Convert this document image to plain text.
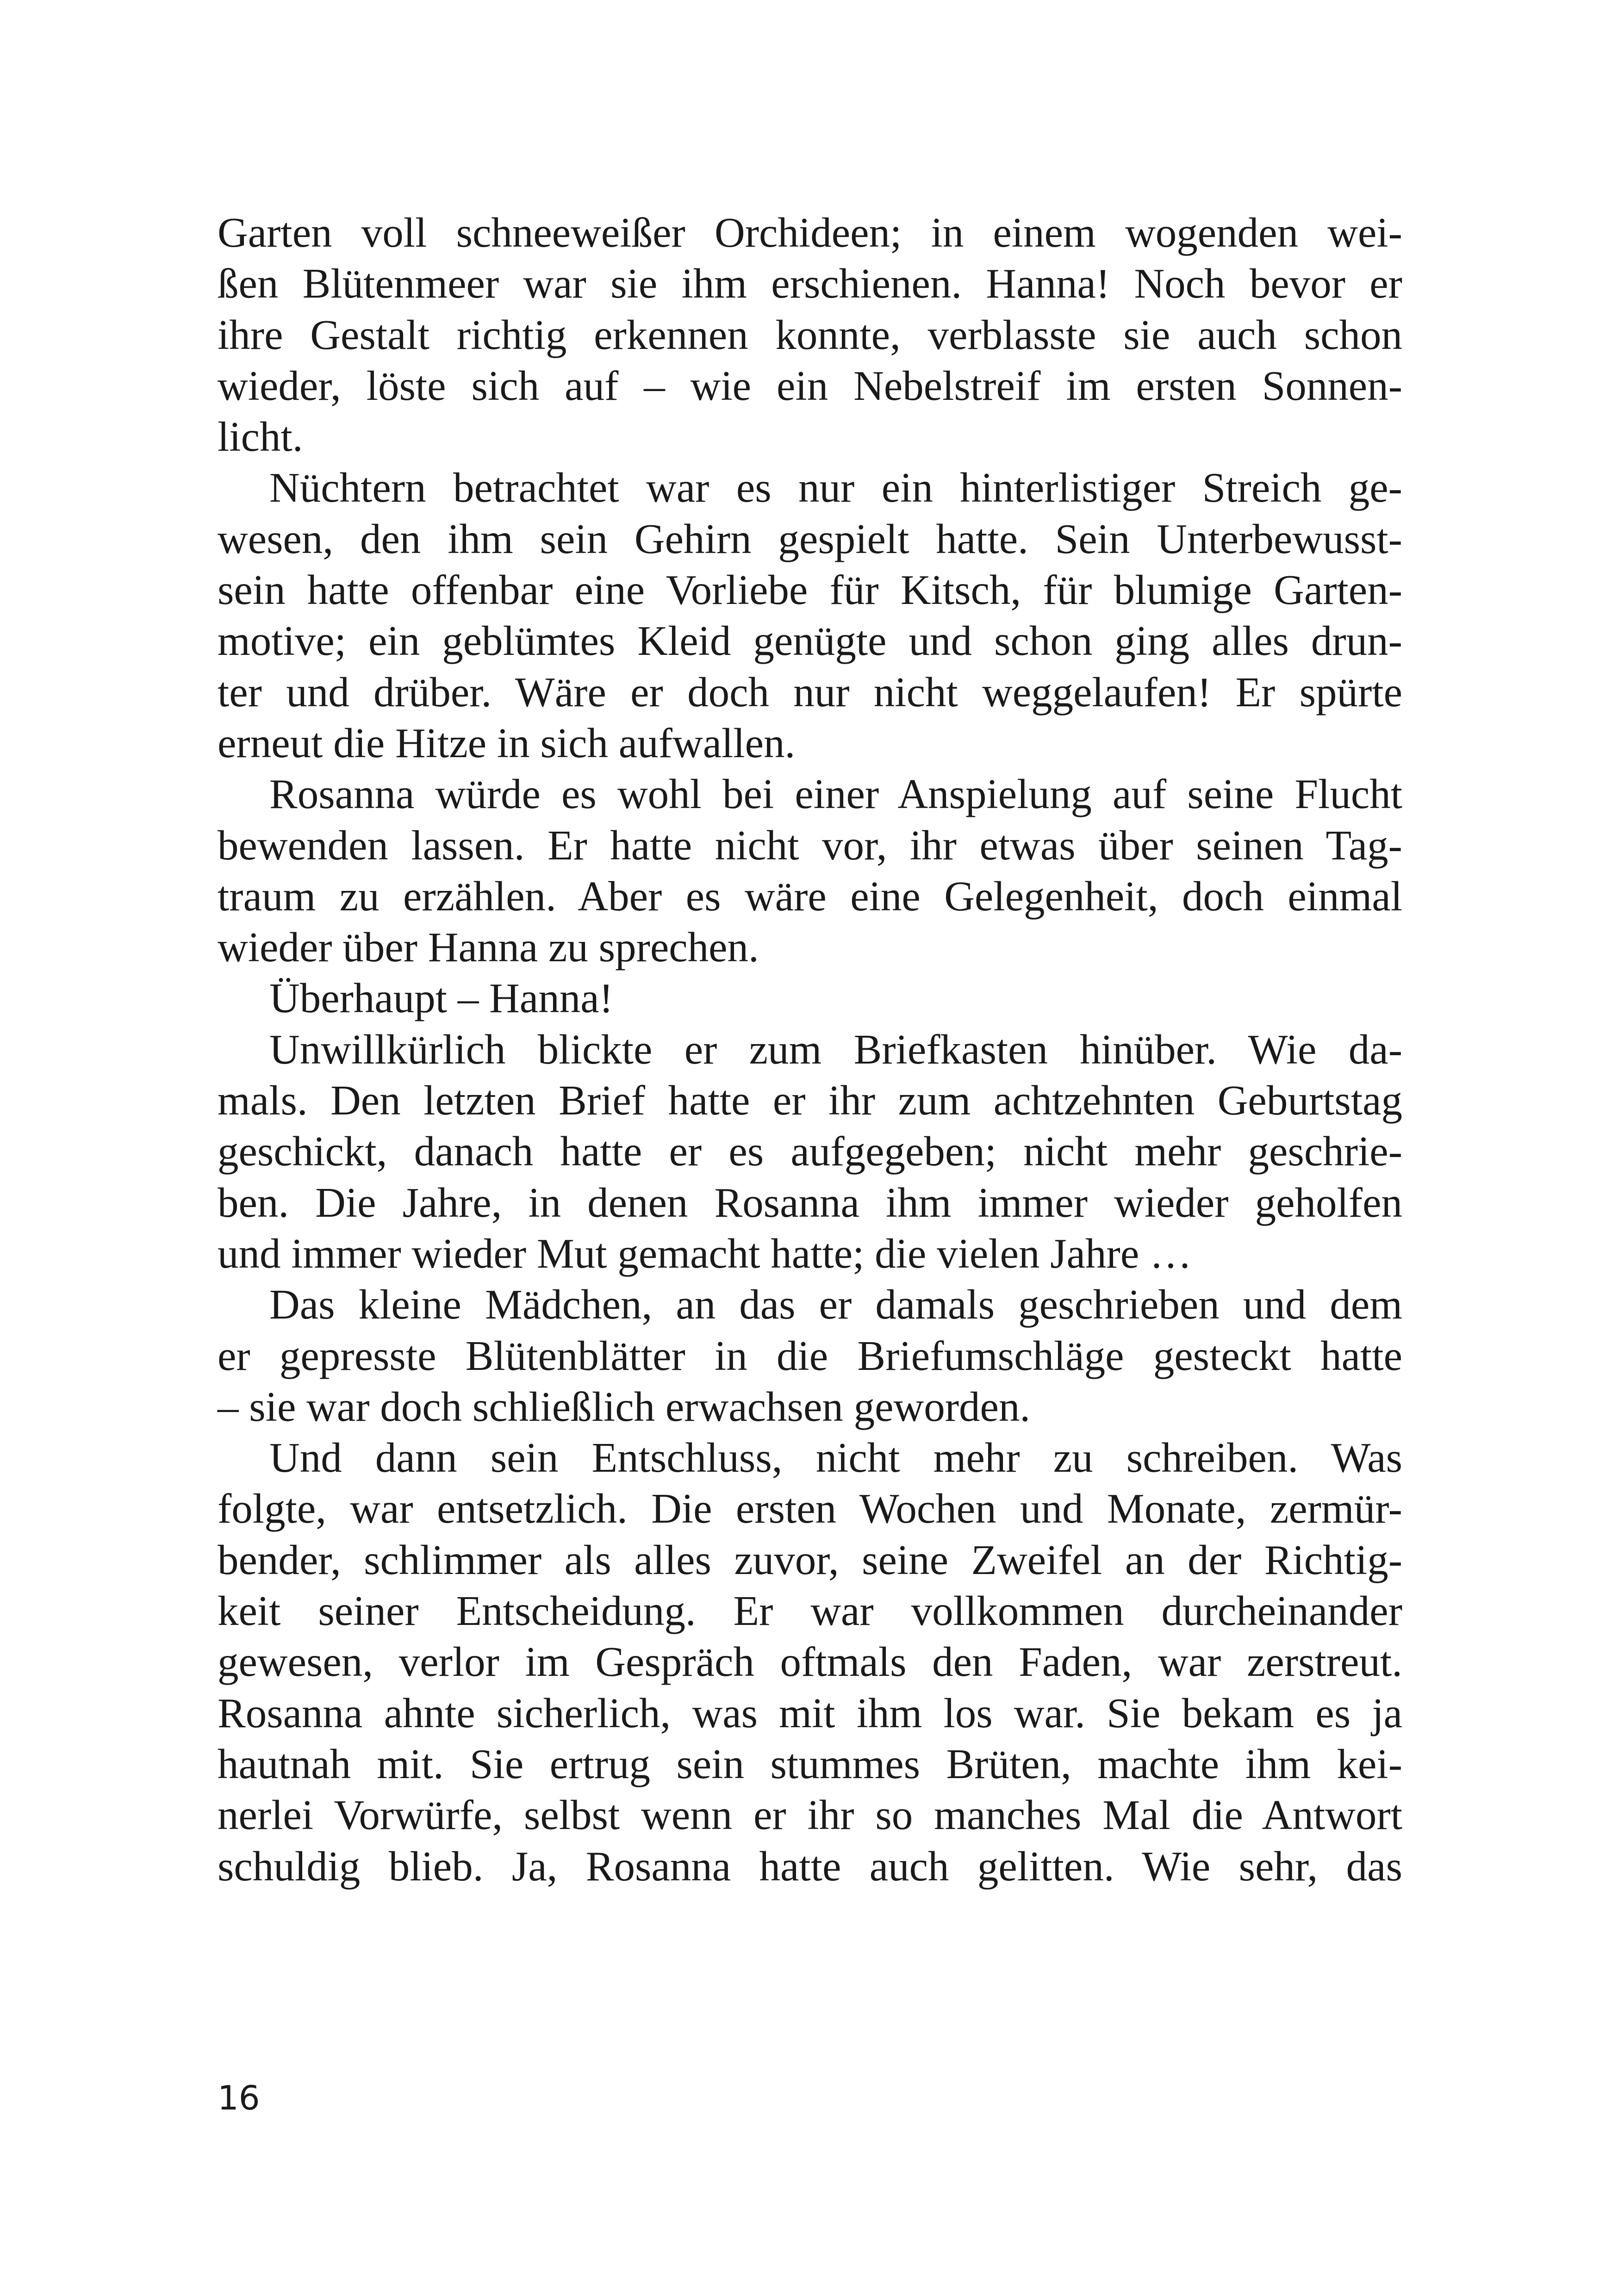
Garten voll schneeweißer Orchideen; in einem wogenden wei-
ßen Blütenmeer war sie ihm erschienen. Hanna! Noch bevor er
ihre Gestalt richtig erkennen konnte, verblasste sie auch schon
wieder, löste sich auf – wie ein Nebelstreif im ersten Sonnen-
licht.
Nüchtern betrachtet war es nur ein hinterlistiger Streich ge-
wesen, den ihm sein Gehirn gespielt hatte. Sein Unterbewusst-
sein hatte offenbar eine Vorliebe für Kitsch, für blumige Garten-
motive; ein geblümtes Kleid genügte und schon ging alles drun-
ter und drüber. Wäre er doch nur nicht weggelaufen! Er spürte
erneut die Hitze in sich aufwallen.
Rosanna würde es wohl bei einer Anspielung auf seine Flucht
bewenden lassen. Er hatte nicht vor, ihr etwas über seinen Tag-
traum zu erzählen. Aber es wäre eine Gelegenheit, doch einmal
wieder über Hanna zu sprechen.
Überhaupt – Hanna!
Unwillkürlich blickte er zum Briefkasten hinüber. Wie da-
mals. Den letzten Brief hatte er ihr zum achtzehnten Geburtstag
geschickt, danach hatte er es aufgegeben; nicht mehr geschrie-
ben. Die Jahre, in denen Rosanna ihm immer wieder geholfen
und immer wieder Mut gemacht hatte; die vielen Jahre …
Das kleine Mädchen, an das er damals geschrieben und dem
er gepresste Blütenblätter in die Briefumschläge gesteckt hatte
– sie war doch schließlich erwachsen geworden.
Und dann sein Entschluss, nicht mehr zu schreiben. Was
folgte, war entsetzlich. Die ersten Wochen und Monate, zermür-
bender, schlimmer als alles zuvor, seine Zweifel an der Richtig-
keit seiner Entscheidung. Er war vollkommen durcheinander
gewesen, verlor im Gespräch oftmals den Faden, war zerstreut.
Rosanna ahnte sicherlich, was mit ihm los war. Sie bekam es ja
hautnah mit. Sie ertrug sein stummes Brüten, machte ihm kei-
nerlei Vorwürfe, selbst wenn er ihr so manches Mal die Antwort
schuldig blieb. Ja, Rosanna hatte auch gelitten. Wie sehr, das
16
